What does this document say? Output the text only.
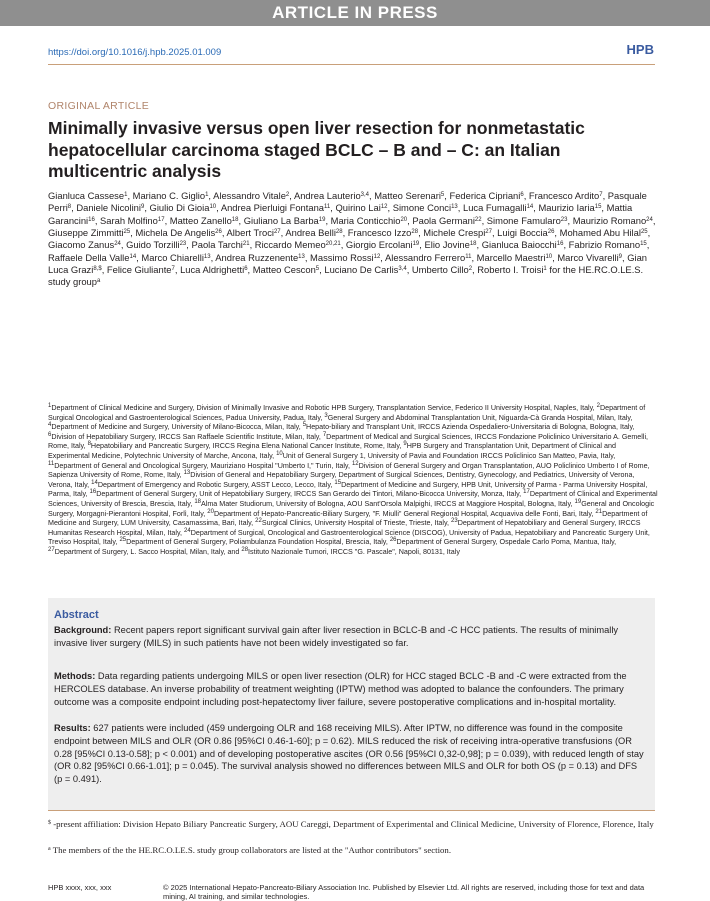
ARTICLE IN PRESS
https://doi.org/10.1016/j.hpb.2025.01.009	HPB
ORIGINAL ARTICLE
Minimally invasive versus open liver resection for nonmetastatic hepatocellular carcinoma staged BCLC – B and – C: an Italian multicentric analysis
Gianluca Cassese$^1$, Mariano C. Giglio$^1$, Alessandro Vitale$^2$, Andrea Lauterio$^{3,4}$, Matteo Serenari$^5$, Federica Cipriani$^6$, Francesco Ardito$^7$, Pasquale Perri$^8$, Daniele Nicolini$^9$, Giulio Di Gioia$^{10}$, Andrea Pierluigi Fontana$^{11}$, Quirino Lai$^{12}$, Simone Conci$^{13}$, Luca Fumagalli$^{14}$, Maurizio Iaria$^{15}$, Mattia Garancini$^{16}$, Sarah Molfino$^{17}$, Matteo Zanello$^{18}$, Giuliano La Barba$^{19}$, Maria Conticchio$^{20}$, Paola Germani$^{22}$, Simone Famularo$^{23}$, Maurizio Romano$^{24}$, Giuseppe Zimmitti$^{25}$, Michela De Angelis$^{26}$, Albert Troci$^{27}$, Andrea Belli$^{28}$, Francesco Izzo$^{28}$, Michele Crespi$^{27}$, Luigi Boccia$^{26}$, Mohamed Abu Hilal$^{25}$, Giacomo Zanus$^{24}$, Guido Torzilli$^{23}$, Paola Tarchi$^{21}$, Riccardo Memeo$^{20,21}$, Giorgio Ercolani$^{19}$, Elio Jovine$^{18}$, Gianluca Baiocchi$^{16}$, Fabrizio Romano$^{15}$, Raffaele Della Valle$^{14}$, Marco Chiarelli$^{13}$, Andrea Ruzzenente$^{13}$, Massimo Rossi$^{12}$, Alessandro Ferrero$^{11}$, Marcello Maestri$^{10}$, Marco Vivarelli$^9$, Gian Luca Grazi$^{8,\$}$, Felice Giuliante$^7$, Luca Aldrighetti$^6$, Matteo Cescon$^5$, Luciano De Carlis$^{3,4}$, Umberto Cillo$^2$, Roberto I. Troisi$^1$ for the HE.RC.O.LE.S. study group$^a$
$^1$Department of Clinical Medicine and Surgery, Division of Minimally Invasive and Robotic HPB Surgery, Transplantation Service, Federico II University Hospital, Naples, Italy, $^2$Department of Surgical Oncological and Gastroenterological Sciences, Padua University, Padua, Italy, $^3$General Surgery and Abdominal Transplantation Unit, Niguarda-Cà Granda Hospital, Milan, Italy, $^4$Department of Medicine and Surgery, University of Milano-Bicocca, Milan, Italy, $^5$Hepato-biliary and Transplant Unit, IRCCS Azienda Ospedaliero-Universitaria di Bologna, Bologna, Italy, $^6$Division of Hepatobiliary Surgery, IRCCS San Raffaele Scientific Institute, Milan, Italy, $^7$Department of Medical and Surgical Sciences, IRCCS Fondazione Policlinico Universitario A. Gemelli, Rome, Italy, $^8$Hepatobiliary and Pancreatic Surgery, IRCCS Regina Elena National Cancer Institute, Rome, Italy, $^9$HPB Surgery and Transplantation Unit, Department of Clinical and Experimental Medicine, Polytechnic University of Marche, Ancona, Italy, $^{10}$Unit of General Surgery 1, University of Pavia and Foundation IRCCS Policlinico San Matteo, Pavia, Italy, $^{11}$Department of General and Oncological Surgery, Mauriziano Hospital "Umberto I," Turin, Italy, $^{12}$Division of General Surgery and Organ Transplantation, AUO Policlinico Umberto I of Rome, Sapienza University of Rome, Rome, Italy, $^{13}$Division of General and Hepatobiliary Surgery, Department of Surgical Sciences, Dentistry, Gynecology, and Pediatrics, University of Verona, Verona, Italy, $^{14}$Department of Emergency and Robotic Surgery, ASST Lecco, Lecco, Italy, $^{15}$Department of Medicine and Surgery, HPB Unit, University of Parma - Parma University Hospital, Parma, Italy, $^{16}$Department of General Surgery, Unit of Hepatobiliary Surgery, IRCCS San Gerardo dei Tintori, Milano-Bicocca University, Monza, Italy, $^{17}$Department of Clinical and Experimental Sciences, University of Brescia, Brescia, Italy, $^{18}$Alma Mater Studiorum, University of Bologna, AOU Sant'Orsola Malpighi, IRCCS at Maggiore Hospital, Bologna, Italy, $^{19}$General and Oncologic Surgery, Morgagni-Pierantoni Hospital, Forlì, Italy, $^{20}$Department of Hepato-Pancreatic-Biliary Surgery, "F. Miulli" General Regional Hospital, Acquaviva delle Fonti, Bari, Italy, $^{21}$Department of Medicine and Surgery, LUM University, Casamassima, Bari, Italy, $^{22}$Surgical Clinics, University Hospital of Trieste, Trieste, Italy, $^{23}$Department of Hepatobiliary and General Surgery, IRCCS Humanitas Research Hospital, Milan, Italy, $^{24}$Department of Surgical, Oncological and Gastroenterological Science (DISCOG), University of Padua, Hepatobiliary and Pancreatic Surgery Unit, Treviso Hospital, Italy, $^{25}$Department of General Surgery, Poliambulanza Foundation Hospital, Brescia, Italy, $^{26}$Department of General Surgery, Ospedale Carlo Poma, Mantua, Italy, $^{27}$Department of Surgery, L. Sacco Hospital, Milan, Italy, and $^{28}$Istituto Nazionale Tumori, IRCCS "G. Pascale", Napoli, 80131, Italy
Abstract
Background: Recent papers report significant survival gain after liver resection in BCLC-B and -C HCC patients. The results of minimally invasive liver surgery (MILS) in such patients have not been widely investigated so far.
Methods: Data regarding patients undergoing MILS or open liver resection (OLR) for HCC staged BCLC -B and -C were extracted from the HERCOLES database. An inverse probability of treatment weighting (IPTW) method was adopted to balance the confounders. The primary outcome was a composite endpoint including post-hepatectomy liver failure, severe postoperative complications and in-hospital mortality.
Results: 627 patients were included (459 undergoing OLR and 168 receiving MILS). After IPTW, no difference was found in the composite endpoint between MILS and OLR (OR 0.86 [95%CI 0.46-1-60]; p = 0.62). MILS reduced the risk of receiving intra-operative transfusions (OR 0.28 [95%CI 0.13-0.58]; p < 0.001) and of developing postoperative ascites (OR 0.56 [95%CI 0,32-0,98]; p = 0.039), with reduced length of stay (OR 0.82 [95%CI 0.66-1.01]; p = 0.045). The survival analysis showed no differences between MILS and OLR for both OS (p = 0.13) and DFS (p = 0.491).
$ -present affiliation: Division Hepato Biliary Pancreatic Surgery, AOU Careggi, Department of Experimental and Clinical Medicine, University of Florence, Florence, Italy
$^a$ The members of the the HE.RC.O.LE.S. study group collaborators are listed at the "Author contributors" section.
HPB xxxx, xxx, xxx	© 2025 International Hepato-Pancreato-Biliary Association Inc. Published by Elsevier Ltd. All rights are reserved, including those for text and data mining, AI training, and similar technologies.
